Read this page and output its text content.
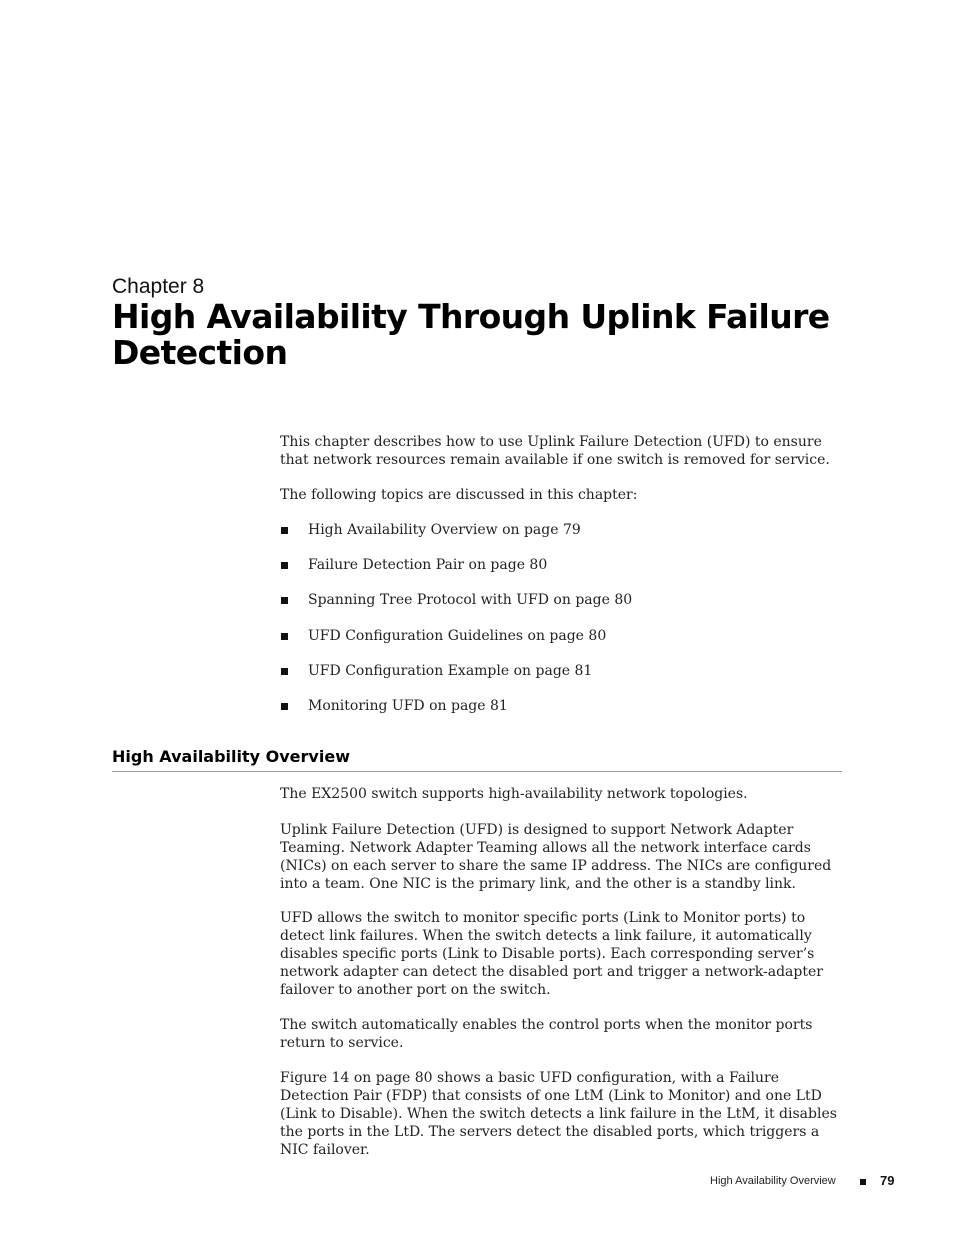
Chapter 8
High Availability Through Uplink Failure Detection

This chapter describes how to use Uplink Failure Detection (UFD) to ensure that network resources remain available if one switch is removed for service.

The following topics are discussed in this chapter:

High Availability Overview on page 79
Failure Detection Pair on page 80
Spanning Tree Protocol with UFD on page 80
UFD Configuration Guidelines on page 80
UFD Configuration Example on page 81
Monitoring UFD on page 81
High Availability Overview

The EX2500 switch supports high-availability network topologies.

Uplink Failure Detection (UFD) is designed to support Network Adapter Teaming. Network Adapter Teaming allows all the network interface cards (NICs) on each server to share the same IP address. The NICs are configured into a team. One NIC is the primary link, and the other is a standby link.

UFD allows the switch to monitor specific ports (Link to Monitor ports) to detect link failures. When the switch detects a link failure, it automatically disables specific ports (Link to Disable ports). Each corresponding server’s network adapter can detect the disabled port and trigger a network-adapter failover to another port on the switch.

The switch automatically enables the control ports when the monitor ports return to service.

Figure 14 on page 80 shows a basic UFD configuration, with a Failure Detection Pair (FDP) that consists of one LtM (Link to Monitor) and one LtD (Link to Disable). When the switch detects a link failure in the LtM, it disables the ports in the LtD. The servers detect the disabled ports, which triggers a NIC failover.

High Availability Overview	79
